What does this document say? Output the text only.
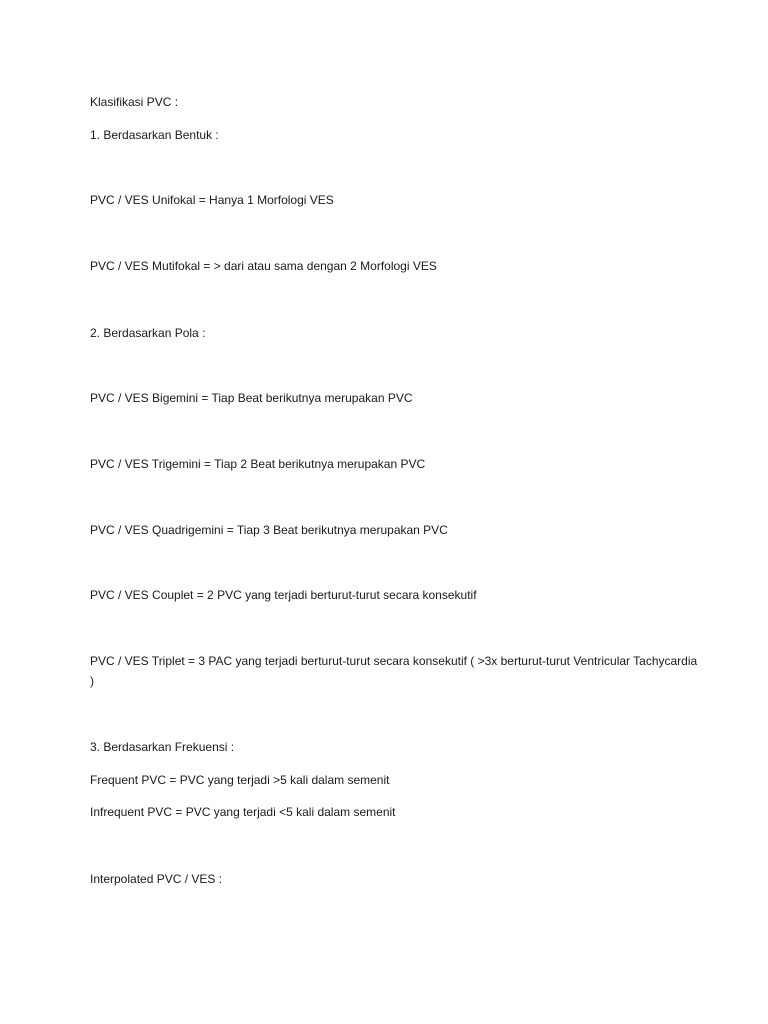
Klasifikasi PVC :
1. Berdasarkan Bentuk :
PVC / VES Unifokal = Hanya 1 Morfologi VES
PVC / VES Mutifokal = > dari atau sama dengan 2 Morfologi VES
2. Berdasarkan Pola :
PVC / VES Bigemini = Tiap Beat berikutnya merupakan PVC
PVC / VES Trigemini = Tiap 2 Beat berikutnya merupakan PVC
PVC / VES Quadrigemini = Tiap 3 Beat berikutnya merupakan PVC
PVC / VES Couplet = 2 PVC yang terjadi berturut-turut secara konsekutif
PVC / VES Triplet = 3 PAC yang terjadi berturut-turut secara konsekutif ( >3x berturut-turut Ventricular Tachycardia )
3. Berdasarkan Frekuensi :
Frequent PVC = PVC yang terjadi >5 kali dalam semenit
Infrequent PVC = PVC yang terjadi <5 kali dalam semenit
Interpolated PVC / VES :
